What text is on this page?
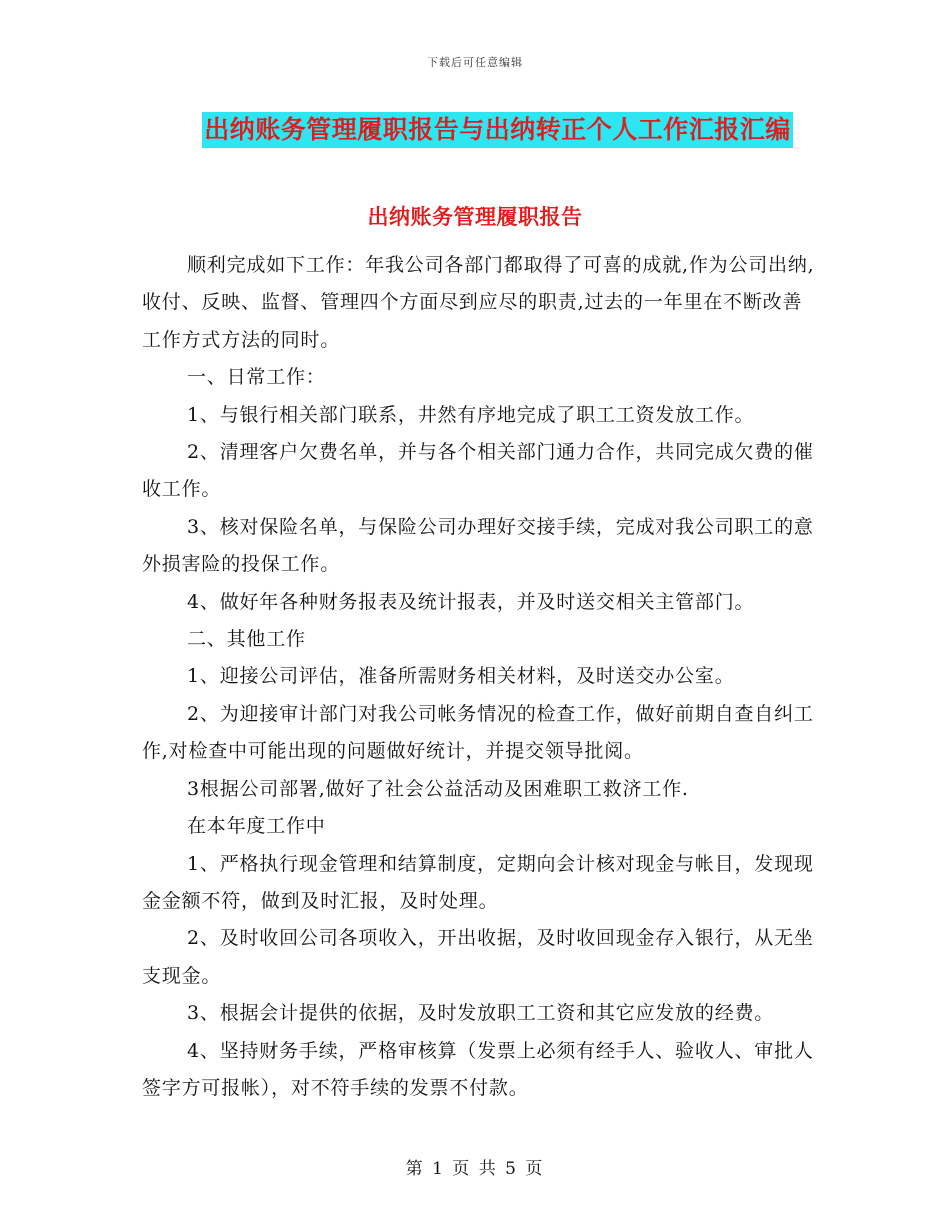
下载后可任意编辑
出纳账务管理履职报告与出纳转正个人工作汇报汇编
出纳账务管理履职报告

顺利完成如下工作：年我公司各部门都取得了可喜的成就,作为公司出纳,收付、反映、监督、管理四个方面尽到应尽的职责,过去的一年里在不断改善工作方式方法的同时。

一、日常工作：

1、与银行相关部门联系，井然有序地完成了职工工资发放工作。

2、清理客户欠费名单，并与各个相关部门通力合作，共同完成欠费的催收工作。

3、核对保险名单，与保险公司办理好交接手续，完成对我公司职工的意外损害险的投保工作。

4、做好年各种财务报表及统计报表，并及时送交相关主管部门。

二、其他工作

1、迎接公司评估，准备所需财务相关材料，及时送交办公室。

2、为迎接审计部门对我公司帐务情况的检查工作，做好前期自查自纠工作,对检查中可能出现的问题做好统计，并提交领导批阅。

3根据公司部署,做好了社会公益活动及困难职工救济工作.

在本年度工作中

1、严格执行现金管理和结算制度，定期向会计核对现金与帐目，发现现金金额不符，做到及时汇报，及时处理。

2、及时收回公司各项收入，开出收据，及时收回现金存入银行，从无坐支现金。

3、根据会计提供的依据，及时发放职工工资和其它应发放的经费。

4、坚持财务手续，严格审核算（发票上必须有经手人、验收人、审批人签字方可报帐），对不符手续的发票不付款。

第 1 页 共 5 页
